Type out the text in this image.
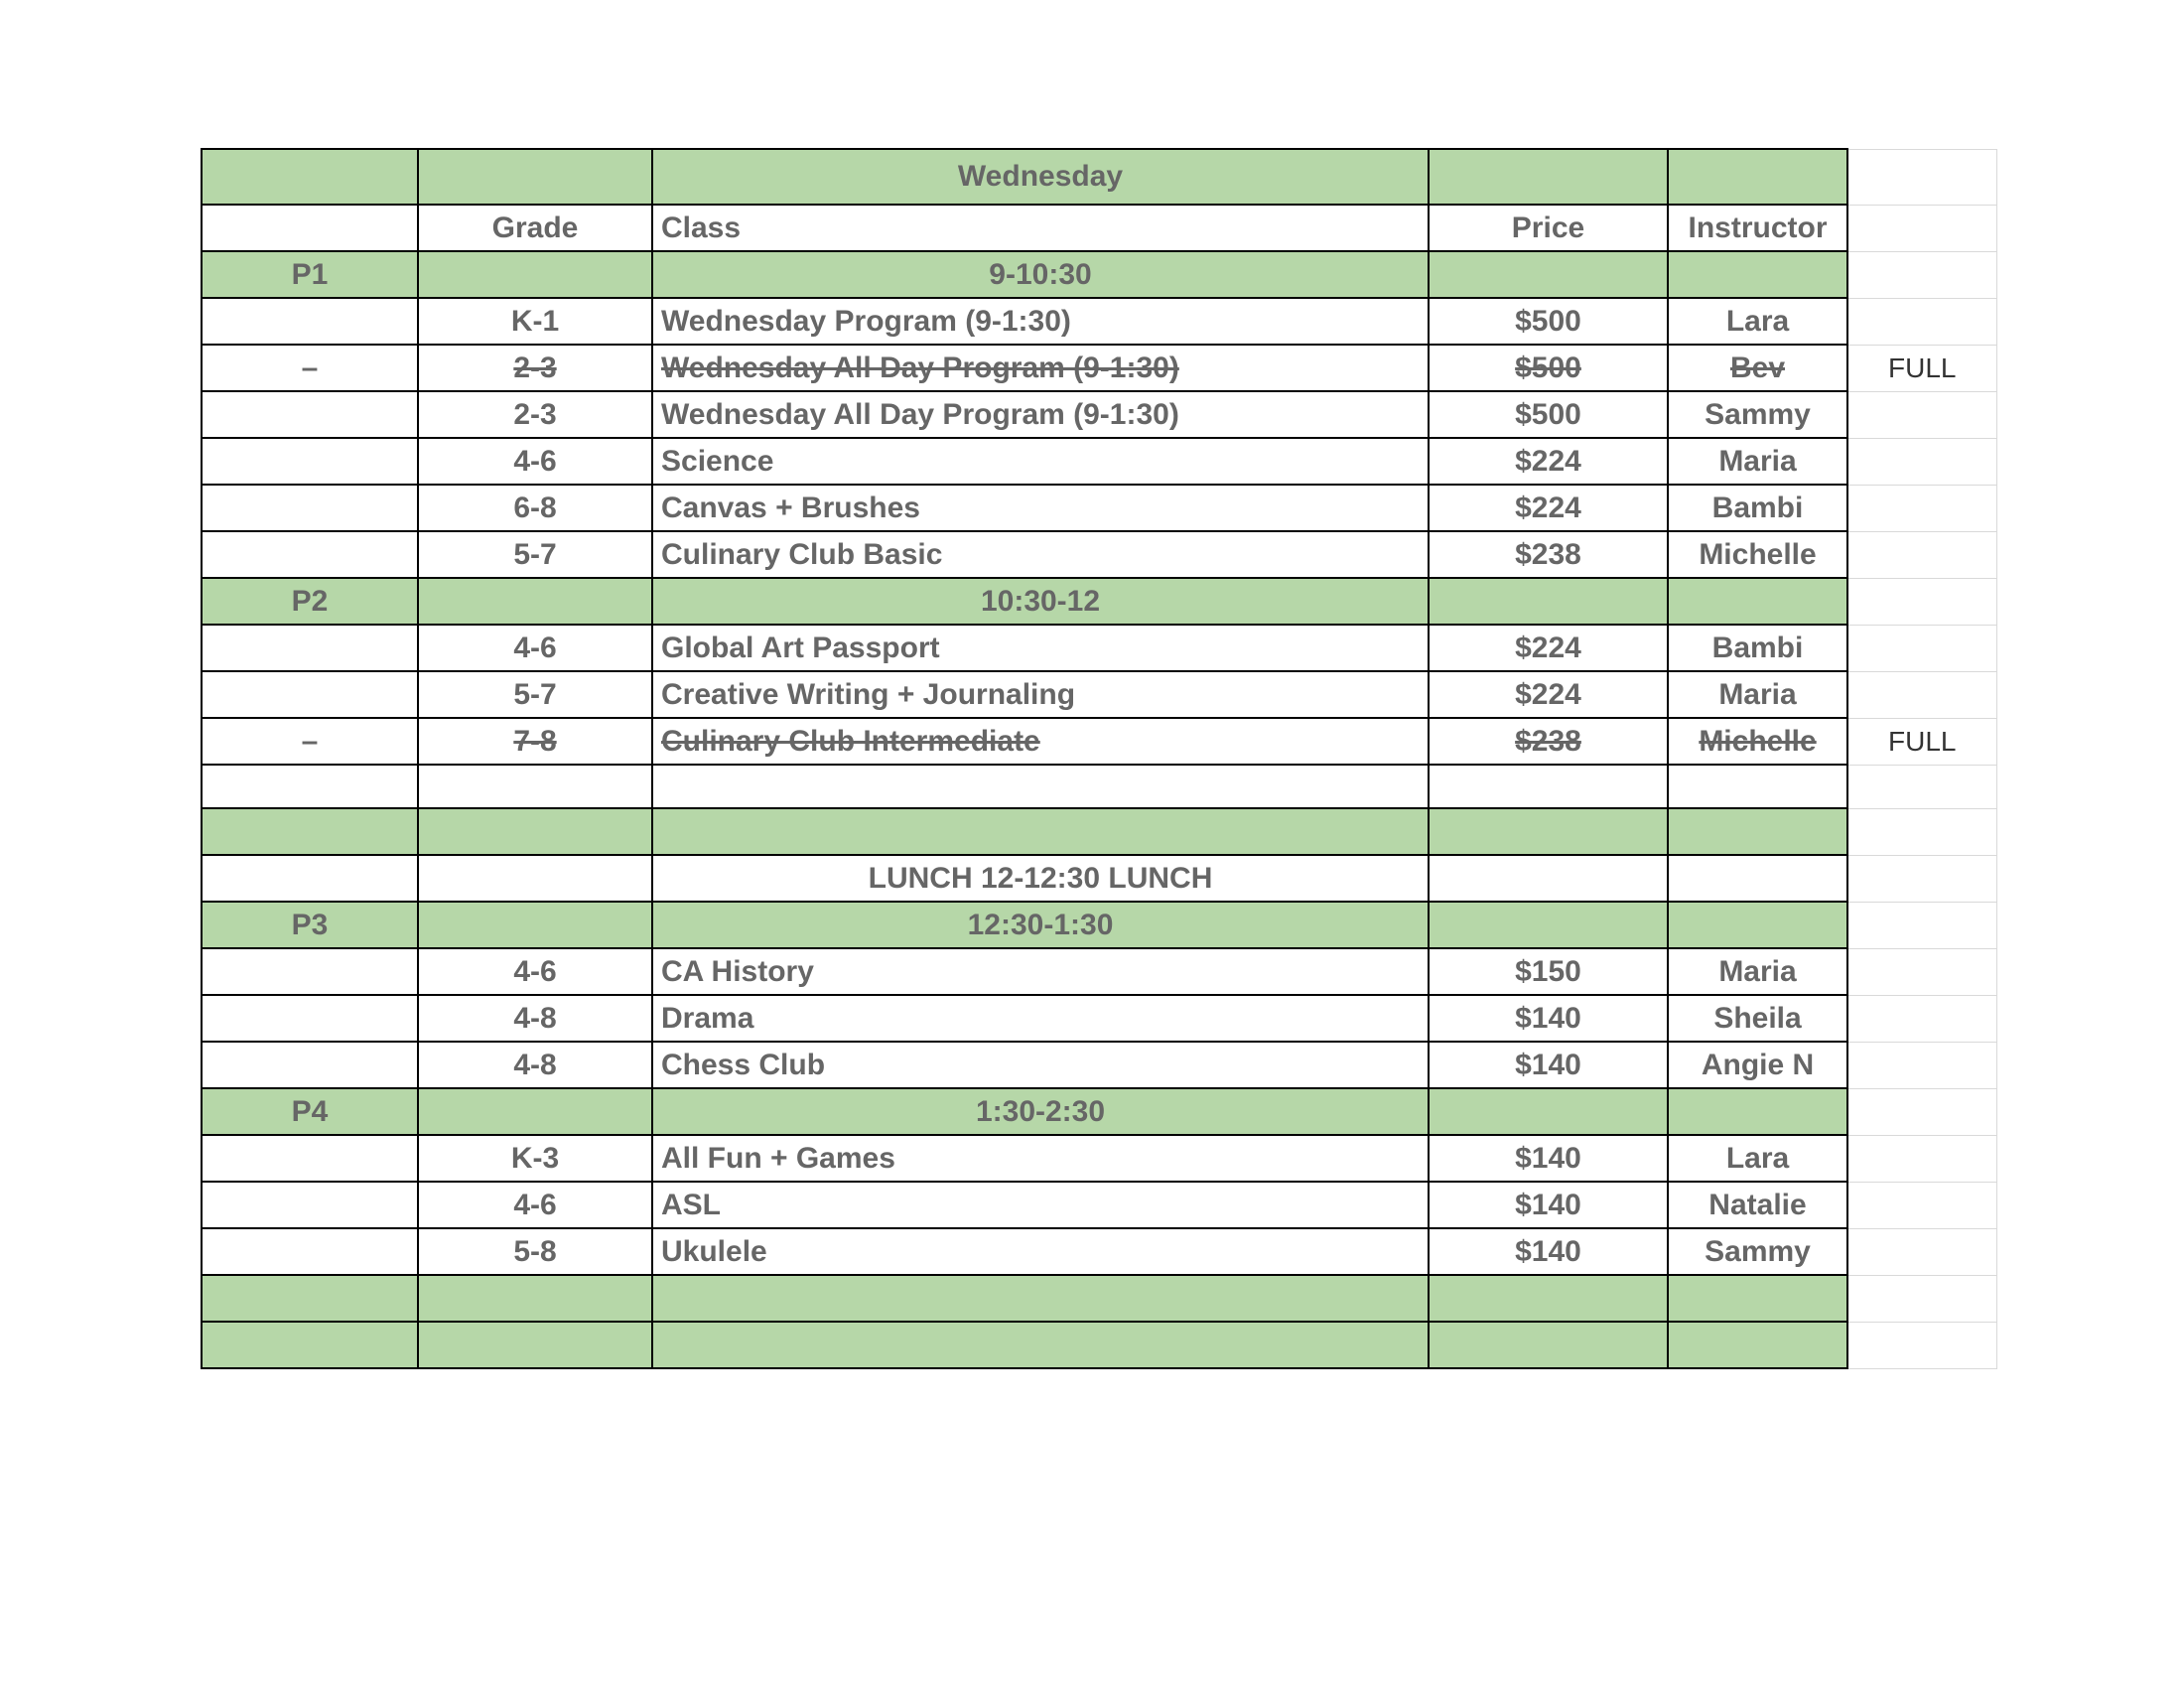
		Wednesday			
	Grade	Class	Price	Instructor	
P1		9-10:30			
	K-1	Wednesday Program (9-1:30)	$500	Lara	
–	2-3	Wednesday All Day Program (9-1:30)	$500	Bev	FULL
	2-3	Wednesday All Day Program (9-1:30)	$500	Sammy	
	4-6	Science	$224	Maria	
	6-8	Canvas + Brushes	$224	Bambi	
	5-7	Culinary Club Basic	$238	Michelle	
P2		10:30-12			
	4-6	Global Art Passport	$224	Bambi	
	5-7	Creative Writing + Journaling	$224	Maria	
–	7-8	Culinary Club Intermediate	$238	Michelle	FULL

		LUNCH 12-12:30 LUNCH			
P3		12:30-1:30			
	4-6	CA History	$150	Maria	
	4-8	Drama	$140	Sheila	
	4-8	Chess Club	$140	Angie N	
P4		1:30-2:30			
	K-3	All Fun + Games	$140	Lara	
	4-6	ASL	$140	Natalie	
	5-8	Ukulele	$140	Sammy	
